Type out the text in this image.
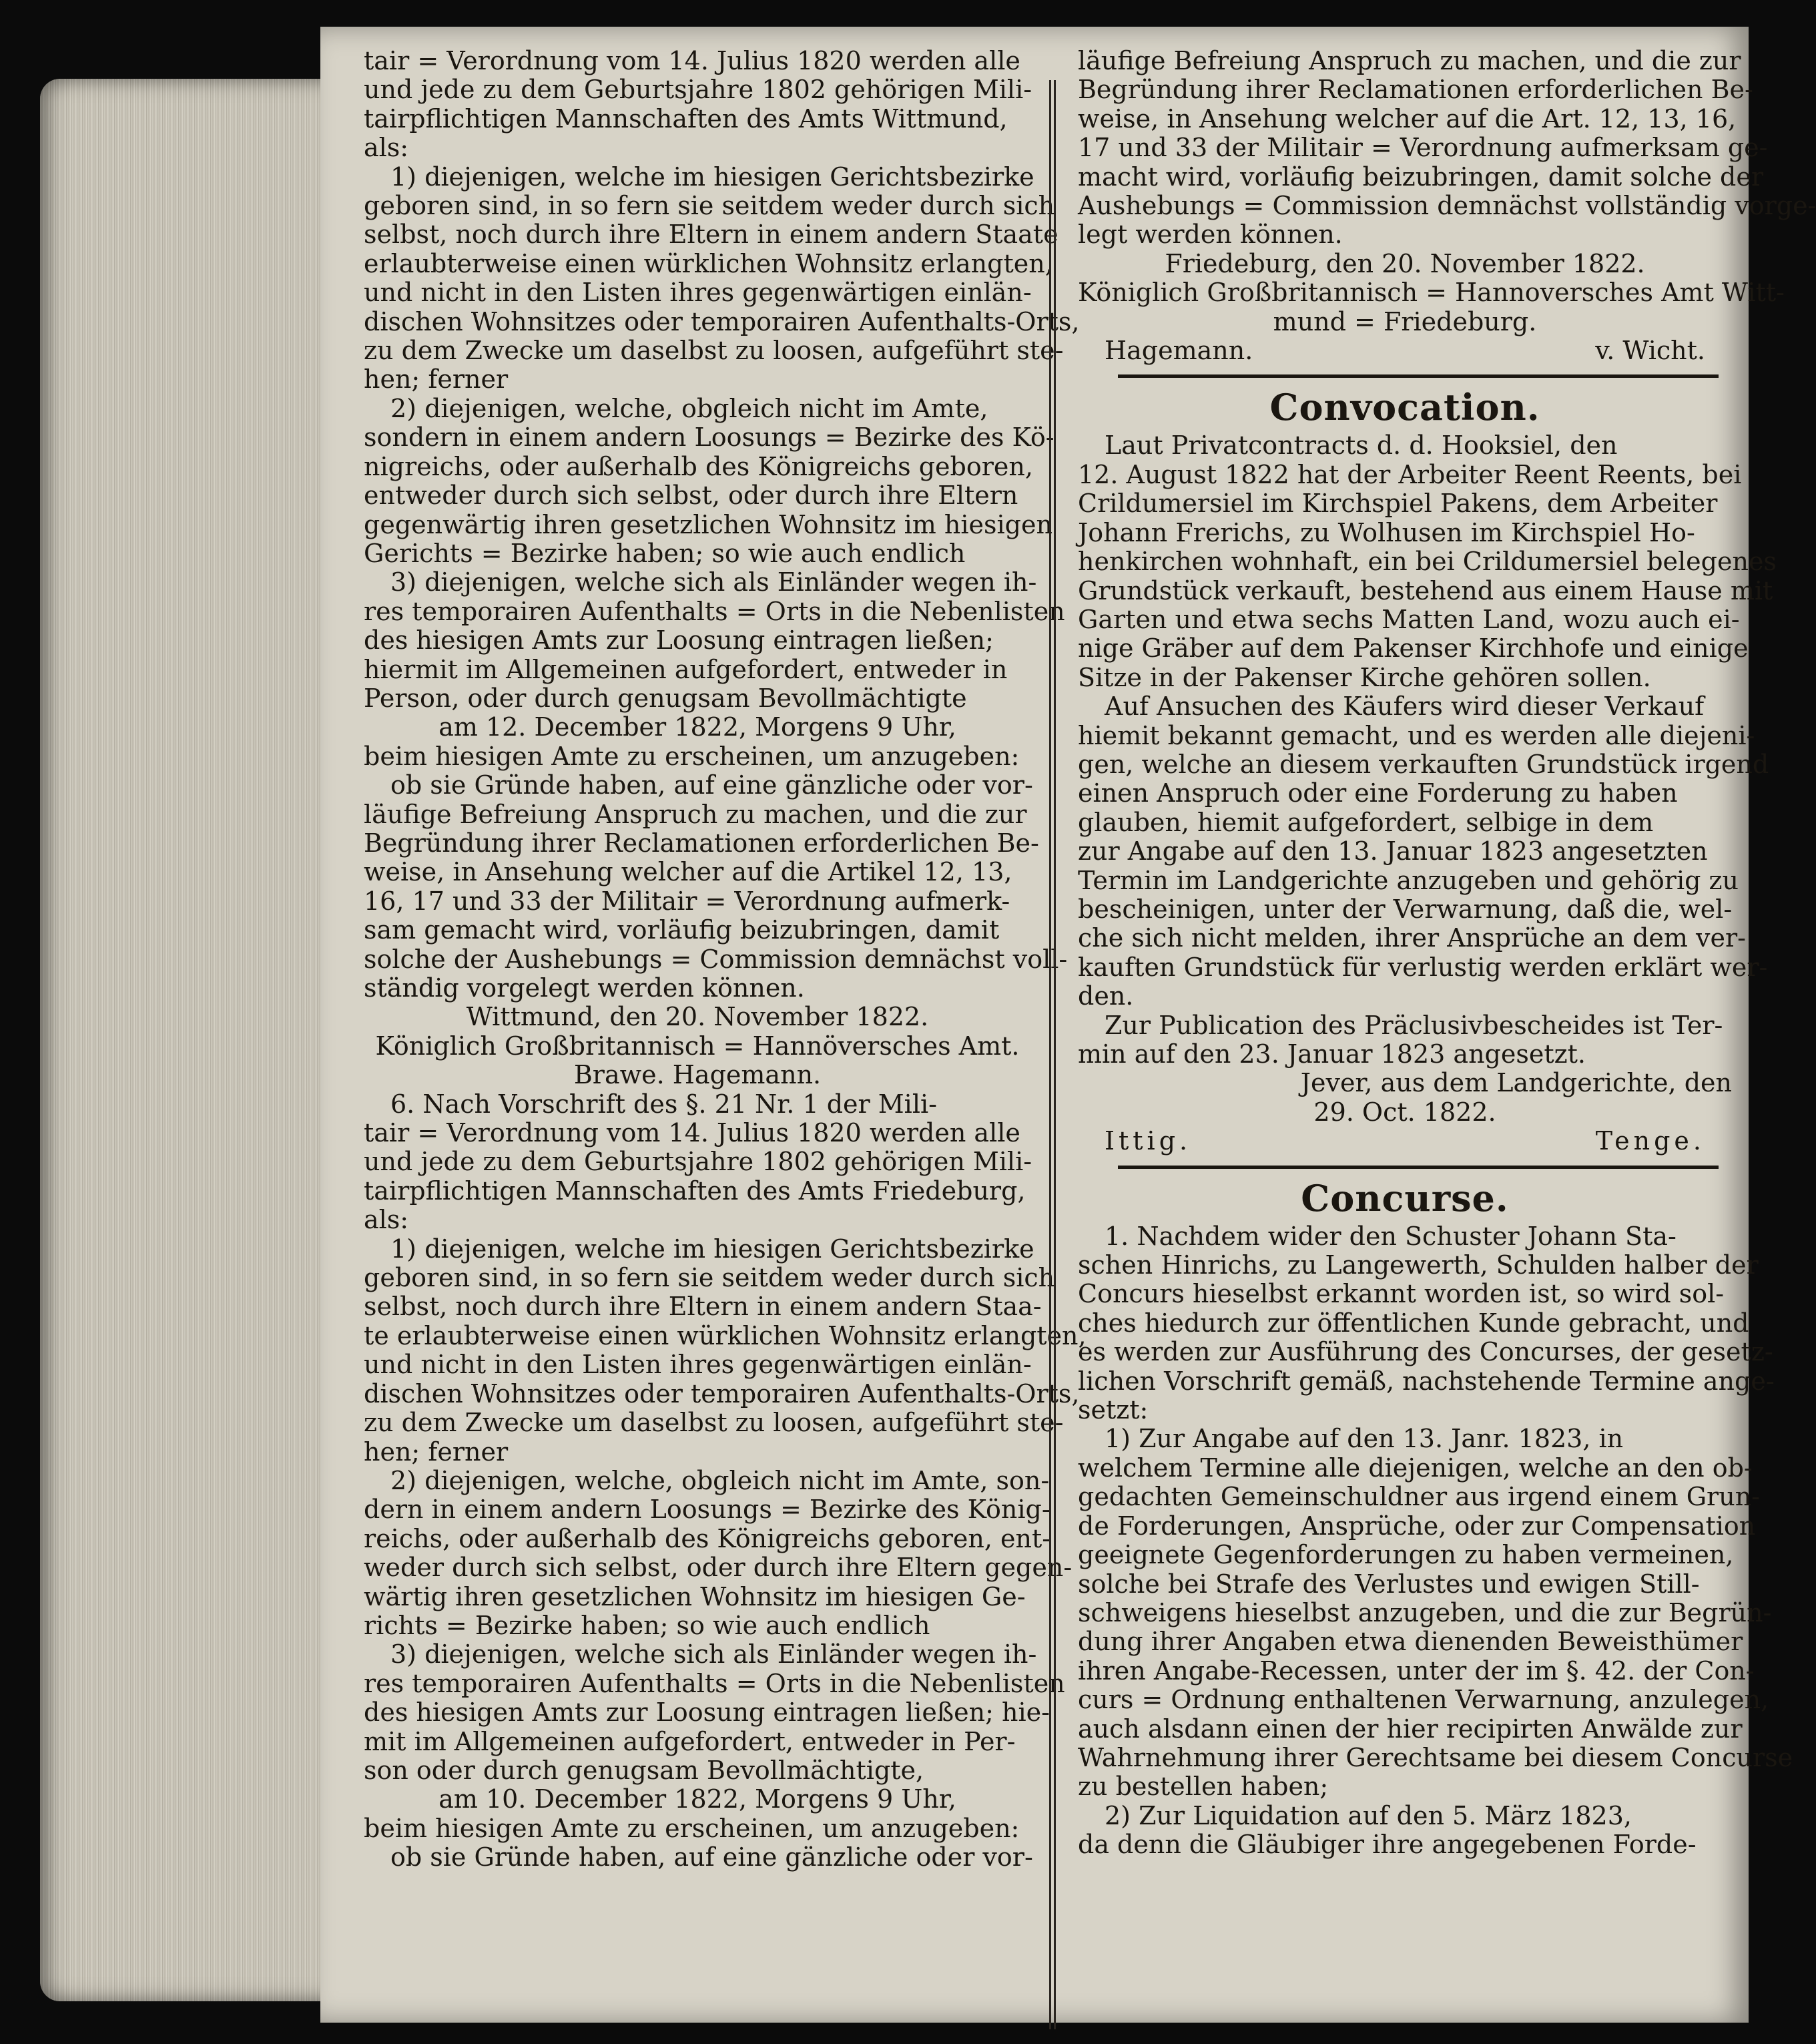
tair = Verordnung vom 14. Julius 1820 werden alle
und jede zu dem Geburtsjahre 1802 gehörigen Mili-
tairpflichtigen Mannschaften des Amts Wittmund,
als:
1) diejenigen, welche im hiesigen Gerichtsbezirke
geboren sind, in so fern sie seitdem weder durch sich
selbst, noch durch ihre Eltern in einem andern Staate
erlaubterweise einen würklichen Wohnsitz erlangten,
und nicht in den Listen ihres gegenwärtigen einlän-
dischen Wohnsitzes oder temporairen Aufenthalts-Orts,
zu dem Zwecke um daselbst zu loosen, aufgeführt ste-
hen; ferner
2) diejenigen, welche, obgleich nicht im Amte,
sondern in einem andern Loosungs = Bezirke des Kö-
nigreichs, oder außerhalb des Königreichs geboren,
entweder durch sich selbst, oder durch ihre Eltern
gegenwärtig ihren gesetzlichen Wohnsitz im hiesigen
Gerichts = Bezirke haben; so wie auch endlich
3) diejenigen, welche sich als Einländer wegen ih-
res temporairen Aufenthalts = Orts in die Nebenlisten
des hiesigen Amts zur Loosung eintragen ließen;
hiermit im Allgemeinen aufgefordert, entweder in
Person, oder durch genugsam Bevollmächtigte
am 12. December 1822, Morgens 9 Uhr,
beim hiesigen Amte zu erscheinen, um anzugeben:
ob sie Gründe haben, auf eine gänzliche oder vor-
läufige Befreiung Anspruch zu machen, und die zur
Begründung ihrer Reclamationen erforderlichen Be-
weise, in Ansehung welcher auf die Artikel 12, 13,
16, 17 und 33 der Militair = Verordnung aufmerk-
sam gemacht wird, vorläufig beizubringen, damit
solche der Aushebungs = Commission demnächst voll-
ständig vorgelegt werden können.
Wittmund, den 20. November 1822.
Königlich Großbritannisch = Hannöversches Amt.
Brawe. Hagemann.
6. Nach Vorschrift des §. 21 Nr. 1 der Mili-
tair = Verordnung vom 14. Julius 1820 werden alle
und jede zu dem Geburtsjahre 1802 gehörigen Mili-
tairpflichtigen Mannschaften des Amts Friedeburg,
als:
1) diejenigen, welche im hiesigen Gerichtsbezirke
geboren sind, in so fern sie seitdem weder durch sich
selbst, noch durch ihre Eltern in einem andern Staa-
te erlaubterweise einen würklichen Wohnsitz erlangten,
und nicht in den Listen ihres gegenwärtigen einlän-
dischen Wohnsitzes oder temporairen Aufenthalts-Orts,
zu dem Zwecke um daselbst zu loosen, aufgeführt ste-
hen; ferner
2) diejenigen, welche, obgleich nicht im Amte, son-
dern in einem andern Loosungs = Bezirke des König-
reichs, oder außerhalb des Königreichs geboren, ent-
weder durch sich selbst, oder durch ihre Eltern gegen-
wärtig ihren gesetzlichen Wohnsitz im hiesigen Ge-
richts = Bezirke haben; so wie auch endlich
3) diejenigen, welche sich als Einländer wegen ih-
res temporairen Aufenthalts = Orts in die Nebenlisten
des hiesigen Amts zur Loosung eintragen ließen; hie-
mit im Allgemeinen aufgefordert, entweder in Per-
son oder durch genugsam Bevollmächtigte,
am 10. December 1822, Morgens 9 Uhr,
beim hiesigen Amte zu erscheinen, um anzugeben:
ob sie Gründe haben, auf eine gänzliche oder vor-
läufige Befreiung Anspruch zu machen, und die zur
Begründung ihrer Reclamationen erforderlichen Be-
weise, in Ansehung welcher auf die Art. 12, 13, 16,
17 und 33 der Militair = Verordnung aufmerksam ge-
macht wird, vorläufig beizubringen, damit solche der
Aushebungs = Commission demnächst vollständig vorge-
legt werden können.
Friedeburg, den 20. November 1822.
Königlich Großbritannisch = Hannoversches Amt Witt-
mund = Friedeburg.
Hagemann.	v. Wicht.
Convocation.
Laut Privatcontracts d. d. Hooksiel, den
12. August 1822 hat der Arbeiter Reent Reents, bei
Crildumersiel im Kirchspiel Pakens, dem Arbeiter
Johann Frerichs, zu Wolhusen im Kirchspiel Ho-
henkirchen wohnhaft, ein bei Crildumersiel belegenes
Grundstück verkauft, bestehend aus einem Hause mit
Garten und etwa sechs Matten Land, wozu auch ei-
nige Gräber auf dem Pakenser Kirchhofe und einige
Sitze in der Pakenser Kirche gehören sollen.
Auf Ansuchen des Käufers wird dieser Verkauf
hiemit bekannt gemacht, und es werden alle diejeni-
gen, welche an diesem verkauften Grundstück irgend
einen Anspruch oder eine Forderung zu haben
glauben, hiemit aufgefordert, selbige in dem
zur Angabe auf den 13. Januar 1823 angesetzten
Termin im Landgerichte anzugeben und gehörig zu
bescheinigen, unter der Verwarnung, daß die, wel-
che sich nicht melden, ihrer Ansprüche an dem ver-
kauften Grundstück für verlustig werden erklärt wer-
den.
Zur Publication des Präclusivbescheides ist Ter-
min auf den 23. Januar 1823 angesetzt.
Jever, aus dem Landgerichte, den
29. Oct. 1822.
Ittig.	Tenge.
Concurse.
1. Nachdem wider den Schuster Johann Sta-
schen Hinrichs, zu Langewerth, Schulden halber der
Concurs hieselbst erkannt worden ist, so wird sol-
ches hiedurch zur öffentlichen Kunde gebracht, und
es werden zur Ausführung des Concurses, der gesetz-
lichen Vorschrift gemäß, nachstehende Termine ange-
setzt:
1) Zur Angabe auf den 13. Janr. 1823, in
welchem Termine alle diejenigen, welche an den ob-
gedachten Gemeinschuldner aus irgend einem Grun-
de Forderungen, Ansprüche, oder zur Compensation
geeignete Gegenforderungen zu haben vermeinen,
solche bei Strafe des Verlustes und ewigen Still-
schweigens hieselbst anzugeben, und die zur Begrün-
dung ihrer Angaben etwa dienenden Beweisthümer
ihren Angabe-Recessen, unter der im §. 42. der Con-
curs = Ordnung enthaltenen Verwarnung, anzulegen,
auch alsdann einen der hier recipirten Anwälde zur
Wahrnehmung ihrer Gerechtsame bei diesem Concurse
zu bestellen haben;
2) Zur Liquidation auf den 5. März 1823,
da denn die Gläubiger ihre angegebenen Forde-
